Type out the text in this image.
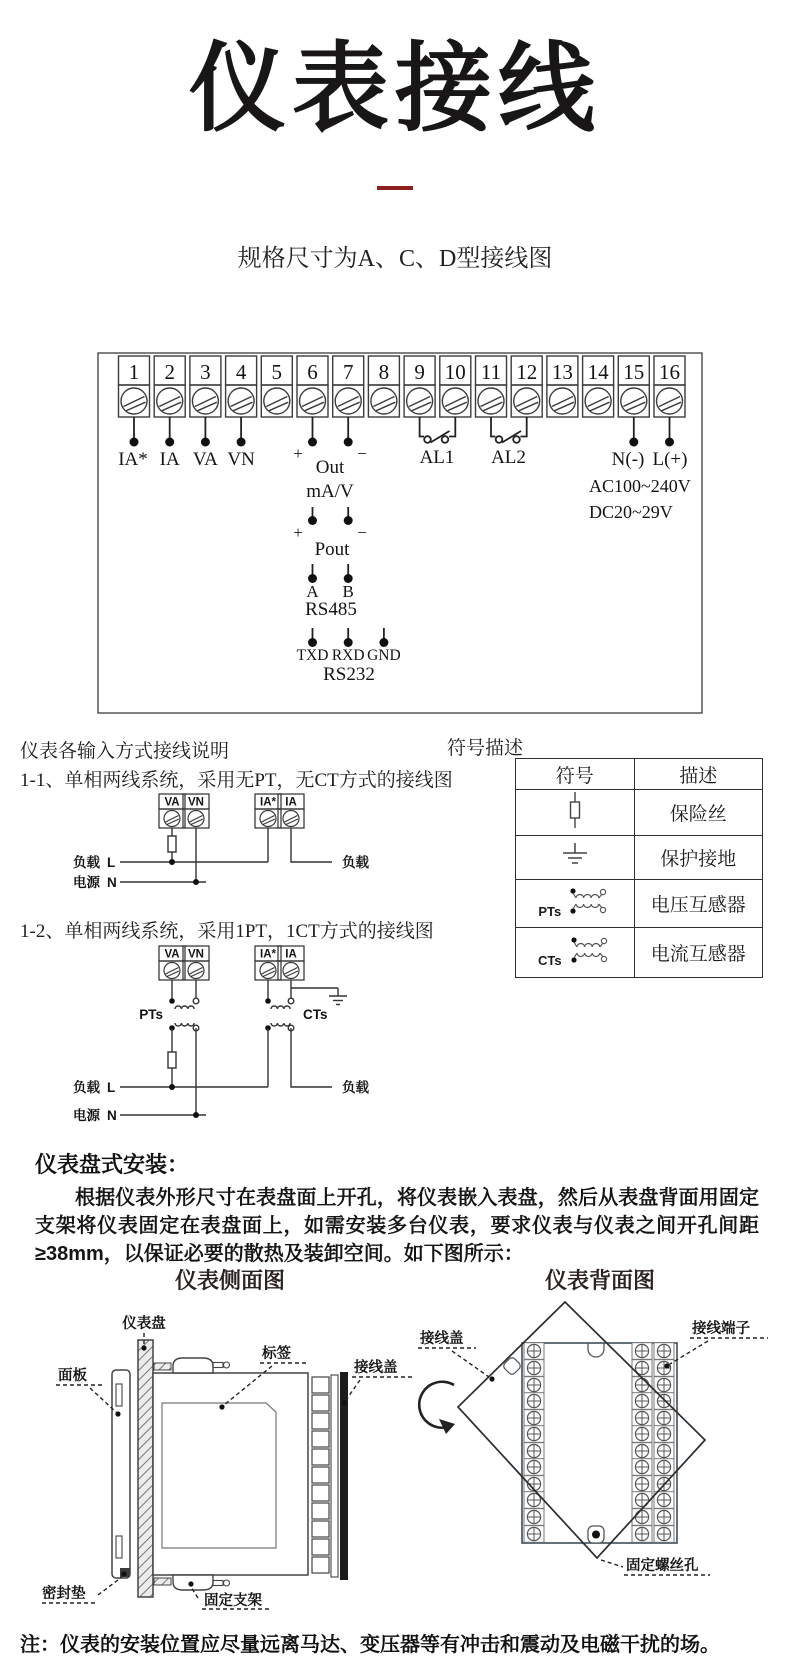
仪表接线
规格尺寸为A、C、D型接线图
1 2 3 4 5 6 7 8 9 10 11 12 13 14 15 16
IA* IA VA VN +	−
Out
mA/V
+	−
Pout
A B
RS485
TXD RXD GND
RS232
AL1 AL2	N(-) L(+)
AC100~240V
DC20~29V
仪表各输入方式接线说明
1-1、单相两线系统，采用无PT，无CT方式的接线图
VA VN	IA* IA
负载 L
电源 N
负载
1-2、单相两线系统，采用1PT，1CT方式的接线图
VA VN	IA* IA
PTs	CTs
负载 L
电源 N
负载
符号描述
符号	描述
	保险丝
	保护接地
PTs	电压互感器
CTs	电流互感器
仪表盘式安装：
根据仪表外形尺寸在表盘面上开孔，将仪表嵌入表盘，然后从表盘背面用固定支架将仪表固定在表盘面上，如需安装多台仪表，要求仪表与仪表之间开孔间距≥38mm，以保证必要的散热及装卸空间。如下图所示：
仪表侧面图	仪表背面图
仪表盘
面板
标签
接线盖
密封垫	固定支架
接线盖
接线端子
固定螺丝孔
注：仪表的安装位置应尽量远离马达、变压器等有冲击和震动及电磁干扰的场。
